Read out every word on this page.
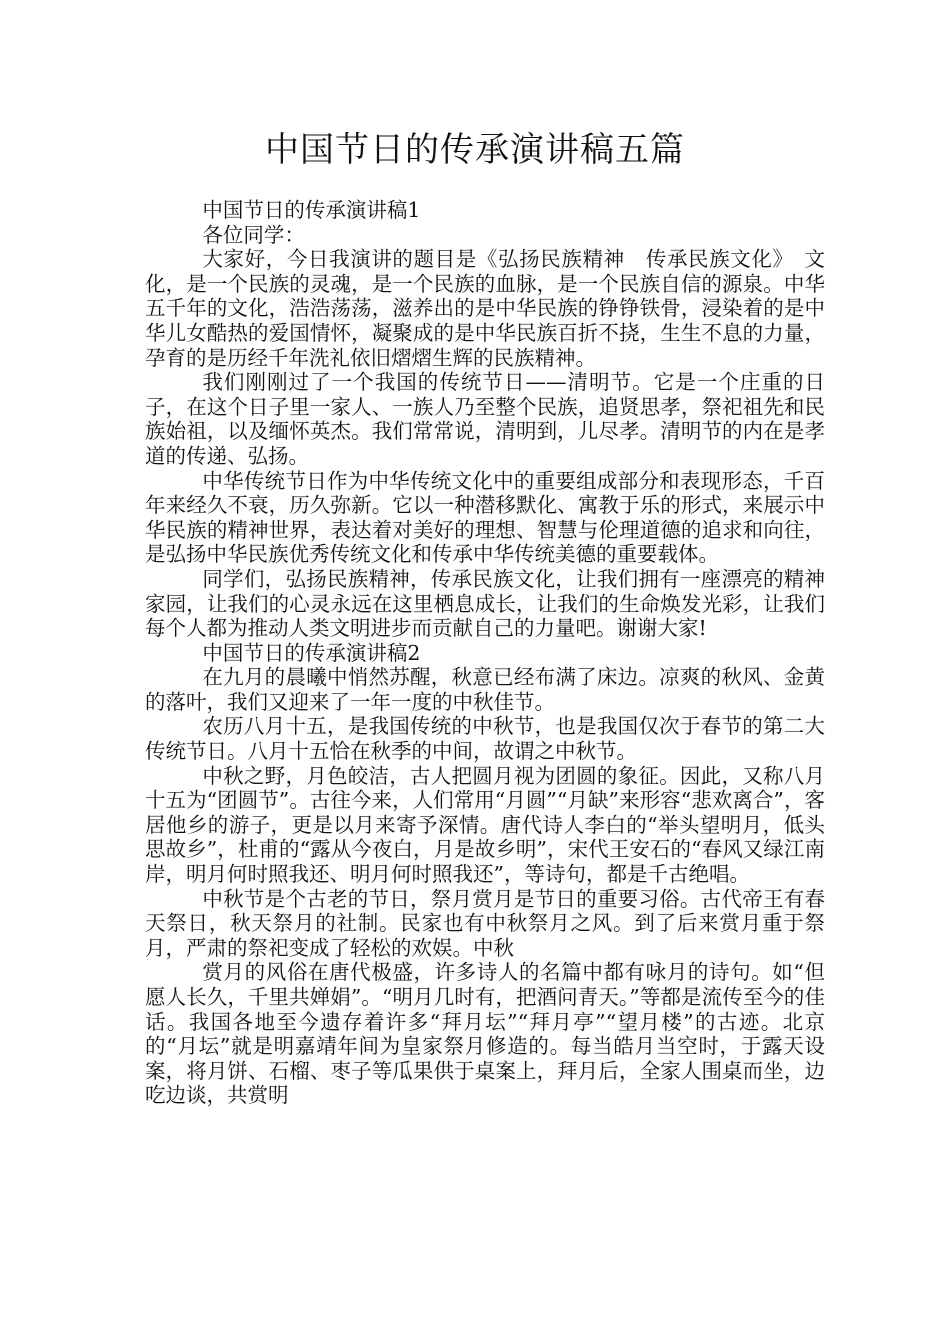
中国节日的传承演讲稿五篇

中国节日的传承演讲稿1

各位同学：

大家好，今日我演讲的题目是《弘扬民族精神　传承民族文化》　文化，是一个民族的灵魂，是一个民族的血脉，是一个民族自信的源泉。中华五千年的文化，浩浩荡荡，滋养出的是中华民族的铮铮铁骨，浸染着的是中华儿女酷热的爱国情怀，凝聚成的是中华民族百折不挠，生生不息的力量，孕育的是历经千年洗礼依旧熠熠生辉的民族精神。

我们刚刚过了一个我国的传统节日——清明节。它是一个庄重的日子，在这个日子里一家人、一族人乃至整个民族，追贤思孝，祭祀祖先和民族始祖，以及缅怀英杰。我们常常说，清明到，儿尽孝。清明节的内在是孝道的传递、弘扬。

中华传统节日作为中华传统文化中的重要组成部分和表现形态，千百年来经久不衰，历久弥新。它以一种潜移默化、寓教于乐的形式，来展示中华民族的精神世界，表达着对美好的理想、智慧与伦理道德的追求和向往，是弘扬中华民族优秀传统文化和传承中华传统美德的重要载体。

同学们，弘扬民族精神，传承民族文化，让我们拥有一座漂亮的精神家园，让我们的心灵永远在这里栖息成长，让我们的生命焕发光彩，让我们每个人都为推动人类文明进步而贡献自己的力量吧。谢谢大家!

中国节日的传承演讲稿2

在九月的晨曦中悄然苏醒，秋意已经布满了床边。凉爽的秋风、金黄的落叶，我们又迎来了一年一度的中秋佳节。

农历八月十五，是我国传统的中秋节，也是我国仅次于春节的第二大传统节日。八月十五恰在秋季的中间，故谓之中秋节。

中秋之野，月色皎洁，古人把圆月视为团圆的象征。因此，又称八月十五为“团圆节”。古往今来，人们常用“月圆”“月缺”来形容“悲欢离合”，客居他乡的游子，更是以月来寄予深情。唐代诗人李白的“举头望明月，低头思故乡”，杜甫的“露从今夜白，月是故乡明”，宋代王安石的“春风又绿江南岸，明月何时照我还、明月何时照我还”，等诗句，都是千古绝唱。

中秋节是个古老的节日，祭月赏月是节日的重要习俗。古代帝王有春天祭日，秋天祭月的社制。民家也有中秋祭月之风。到了后来赏月重于祭月，严肃的祭祀变成了轻松的欢娱。中秋

赏月的风俗在唐代极盛，许多诗人的名篇中都有咏月的诗句。如“但愿人长久，千里共婵娟”。“明月几时有，把酒问青天。”等都是流传至今的佳话。我国各地至今遗存着许多“拜月坛”“拜月亭”“望月楼”的古迹。北京的“月坛”就是明嘉靖年间为皇家祭月修造的。每当皓月当空时，于露天设案，将月饼、石榴、枣子等瓜果供于桌案上，拜月后，全家人围桌而坐，边吃边谈，共赏明
